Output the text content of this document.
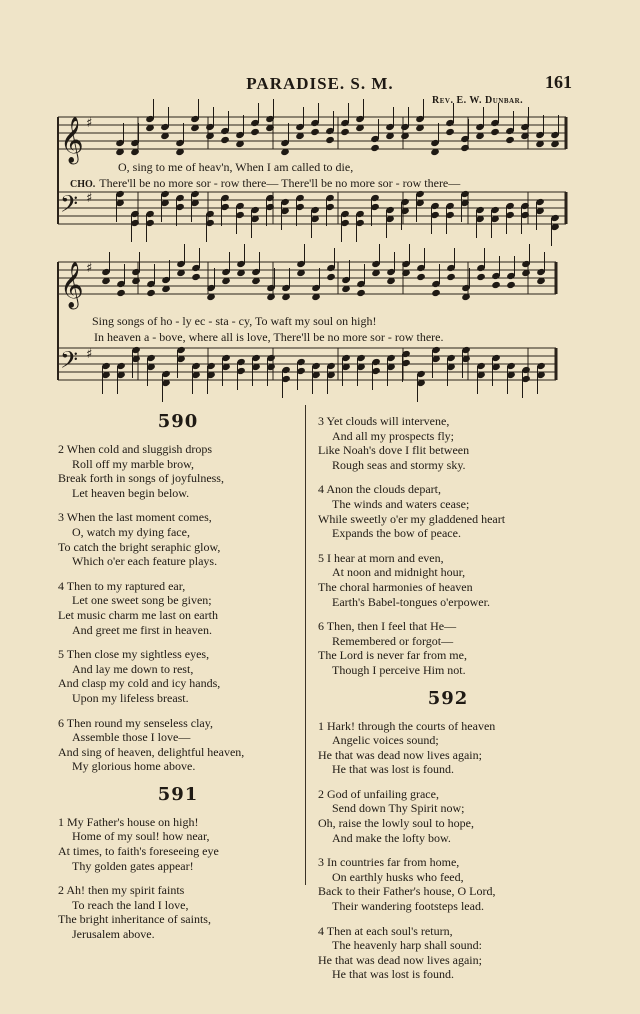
PARADISE. S. M.	161
Rev. E. W. Dunbar.
𝄞 ♯
𝄢 ♯
𝄞 ♯
𝄢 ♯
O, sing to me of heav'n, When I am called to die,
CHO. There'll be no more sor - row there— There'll be no more sor - row there—
Sing songs of ho - ly ec - sta - cy, To waft my soul on high!
In heaven a - bove, where all is love, There'll be no more sor - row there.
590
2 When cold and sluggish drops
Roll off my marble brow,
Break forth in songs of joyfulness,
Let heaven begin below.
3 When the last moment comes,
O, watch my dying face,
To catch the bright seraphic glow,
Which o'er each feature plays.
4 Then to my raptured ear,
Let one sweet song be given;
Let music charm me last on earth
And greet me first in heaven.
5 Then close my sightless eyes,
And lay me down to rest,
And clasp my cold and icy hands,
Upon my lifeless breast.
6 Then round my senseless clay,
Assemble those I love—
And sing of heaven, delightful heaven,
My glorious home above.
591
1 My Father's house on high!
Home of my soul! how near,
At times, to faith's foreseeing eye
Thy golden gates appear!
2 Ah! then my spirit faints
To reach the land I love,
The bright inheritance of saints,
Jerusalem above.
3 Yet clouds will intervene,
And all my prospects fly;
Like Noah's dove I flit between
Rough seas and stormy sky.
4 Anon the clouds depart,
The winds and waters cease;
While sweetly o'er my gladdened heart
Expands the bow of peace.
5 I hear at morn and even,
At noon and midnight hour,
The choral harmonies of heaven
Earth's Babel-tongues o'erpower.
6 Then, then I feel that He—
Remembered or forgot—
The Lord is never far from me,
Though I perceive Him not.
592
1 Hark! through the courts of heaven
Angelic voices sound;
He that was dead now lives again;
He that was lost is found.
2 God of unfailing grace,
Send down Thy Spirit now;
Oh, raise the lowly soul to hope,
And make the lofty bow.
3 In countries far from home,
On earthly husks who feed,
Back to their Father's house, O Lord,
Their wandering footsteps lead.
4 Then at each soul's return,
The heavenly harp shall sound:
He that was dead now lives again;
He that was lost is found.
